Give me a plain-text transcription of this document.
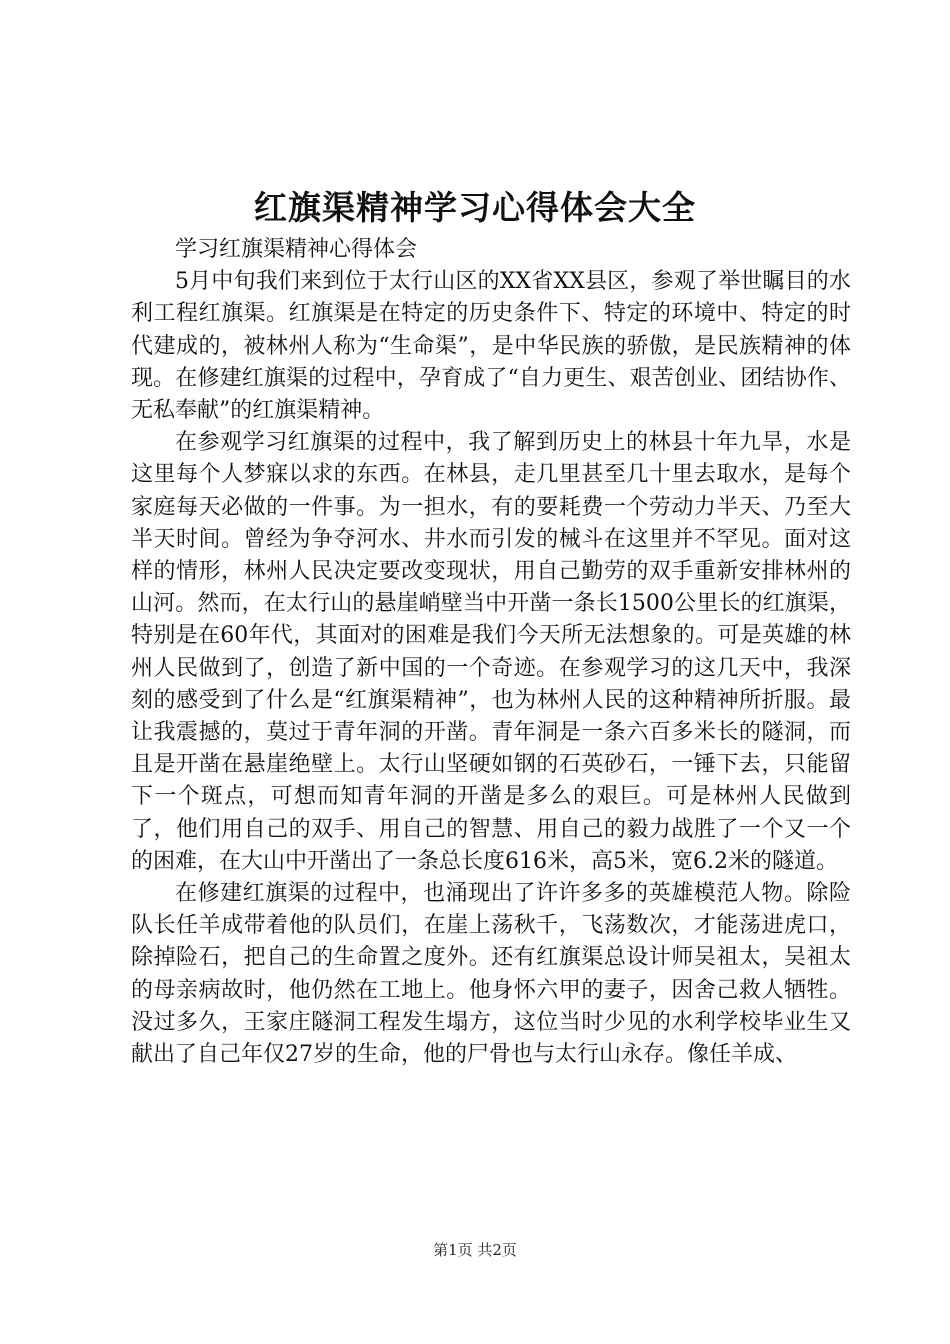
红旗渠精神学习心得体会大全

学习红旗渠精神心得体会

5月中旬我们来到位于太行山区的XX省XX县区，参观了举世瞩目的水利工程红旗渠。红旗渠是在特定的历史条件下、特定的环境中、特定的时代建成的，被林州人称为“生命渠”，是中华民族的骄傲，是民族精神的体现。在修建红旗渠的过程中，孕育成了“自力更生、艰苦创业、团结协作、无私奉献”的红旗渠精神。

在参观学习红旗渠的过程中，我了解到历史上的林县十年九旱，水是这里每个人梦寐以求的东西。在林县，走几里甚至几十里去取水，是每个家庭每天必做的一件事。为一担水，有的要耗费一个劳动力半天、乃至大半天时间。曾经为争夺河水、井水而引发的械斗在这里并不罕见。面对这样的情形，林州人民决定要改变现状，用自己勤劳的双手重新安排林州的山河。然而，在太行山的悬崖峭壁当中开凿一条长1500公里长的红旗渠，特别是在60年代，其面对的困难是我们今天所无法想象的。可是英雄的林州人民做到了，创造了新中国的一个奇迹。在参观学习的这几天中，我深刻的感受到了什么是“红旗渠精神”，也为林州人民的这种精神所折服。最让我震撼的，莫过于青年洞的开凿。青年洞是一条六百多米长的隧洞，而且是开凿在悬崖绝壁上。太行山坚硬如钢的石英砂石，一锤下去，只能留下一个斑点，可想而知青年洞的开凿是多么的艰巨。可是林州人民做到了，他们用自己的双手、用自己的智慧、用自己的毅力战胜了一个又一个的困难，在大山中开凿出了一条总长度616米，高5米，宽6.2米的隧道。

在修建红旗渠的过程中，也涌现出了许许多多的英雄模范人物。除险队长任羊成带着他的队员们，在崖上荡秋千，飞荡数次，才能荡进虎口，除掉险石，把自己的生命置之度外。还有红旗渠总设计师吴祖太，吴祖太的母亲病故时，他仍然在工地上。他身怀六甲的妻子，因舍己救人牺牲。没过多久，王家庄隧洞工程发生塌方，这位当时少见的水利学校毕业生又献出了自己年仅27岁的生命，他的尸骨也与太行山永存。像任羊成、

第1页 共2页
